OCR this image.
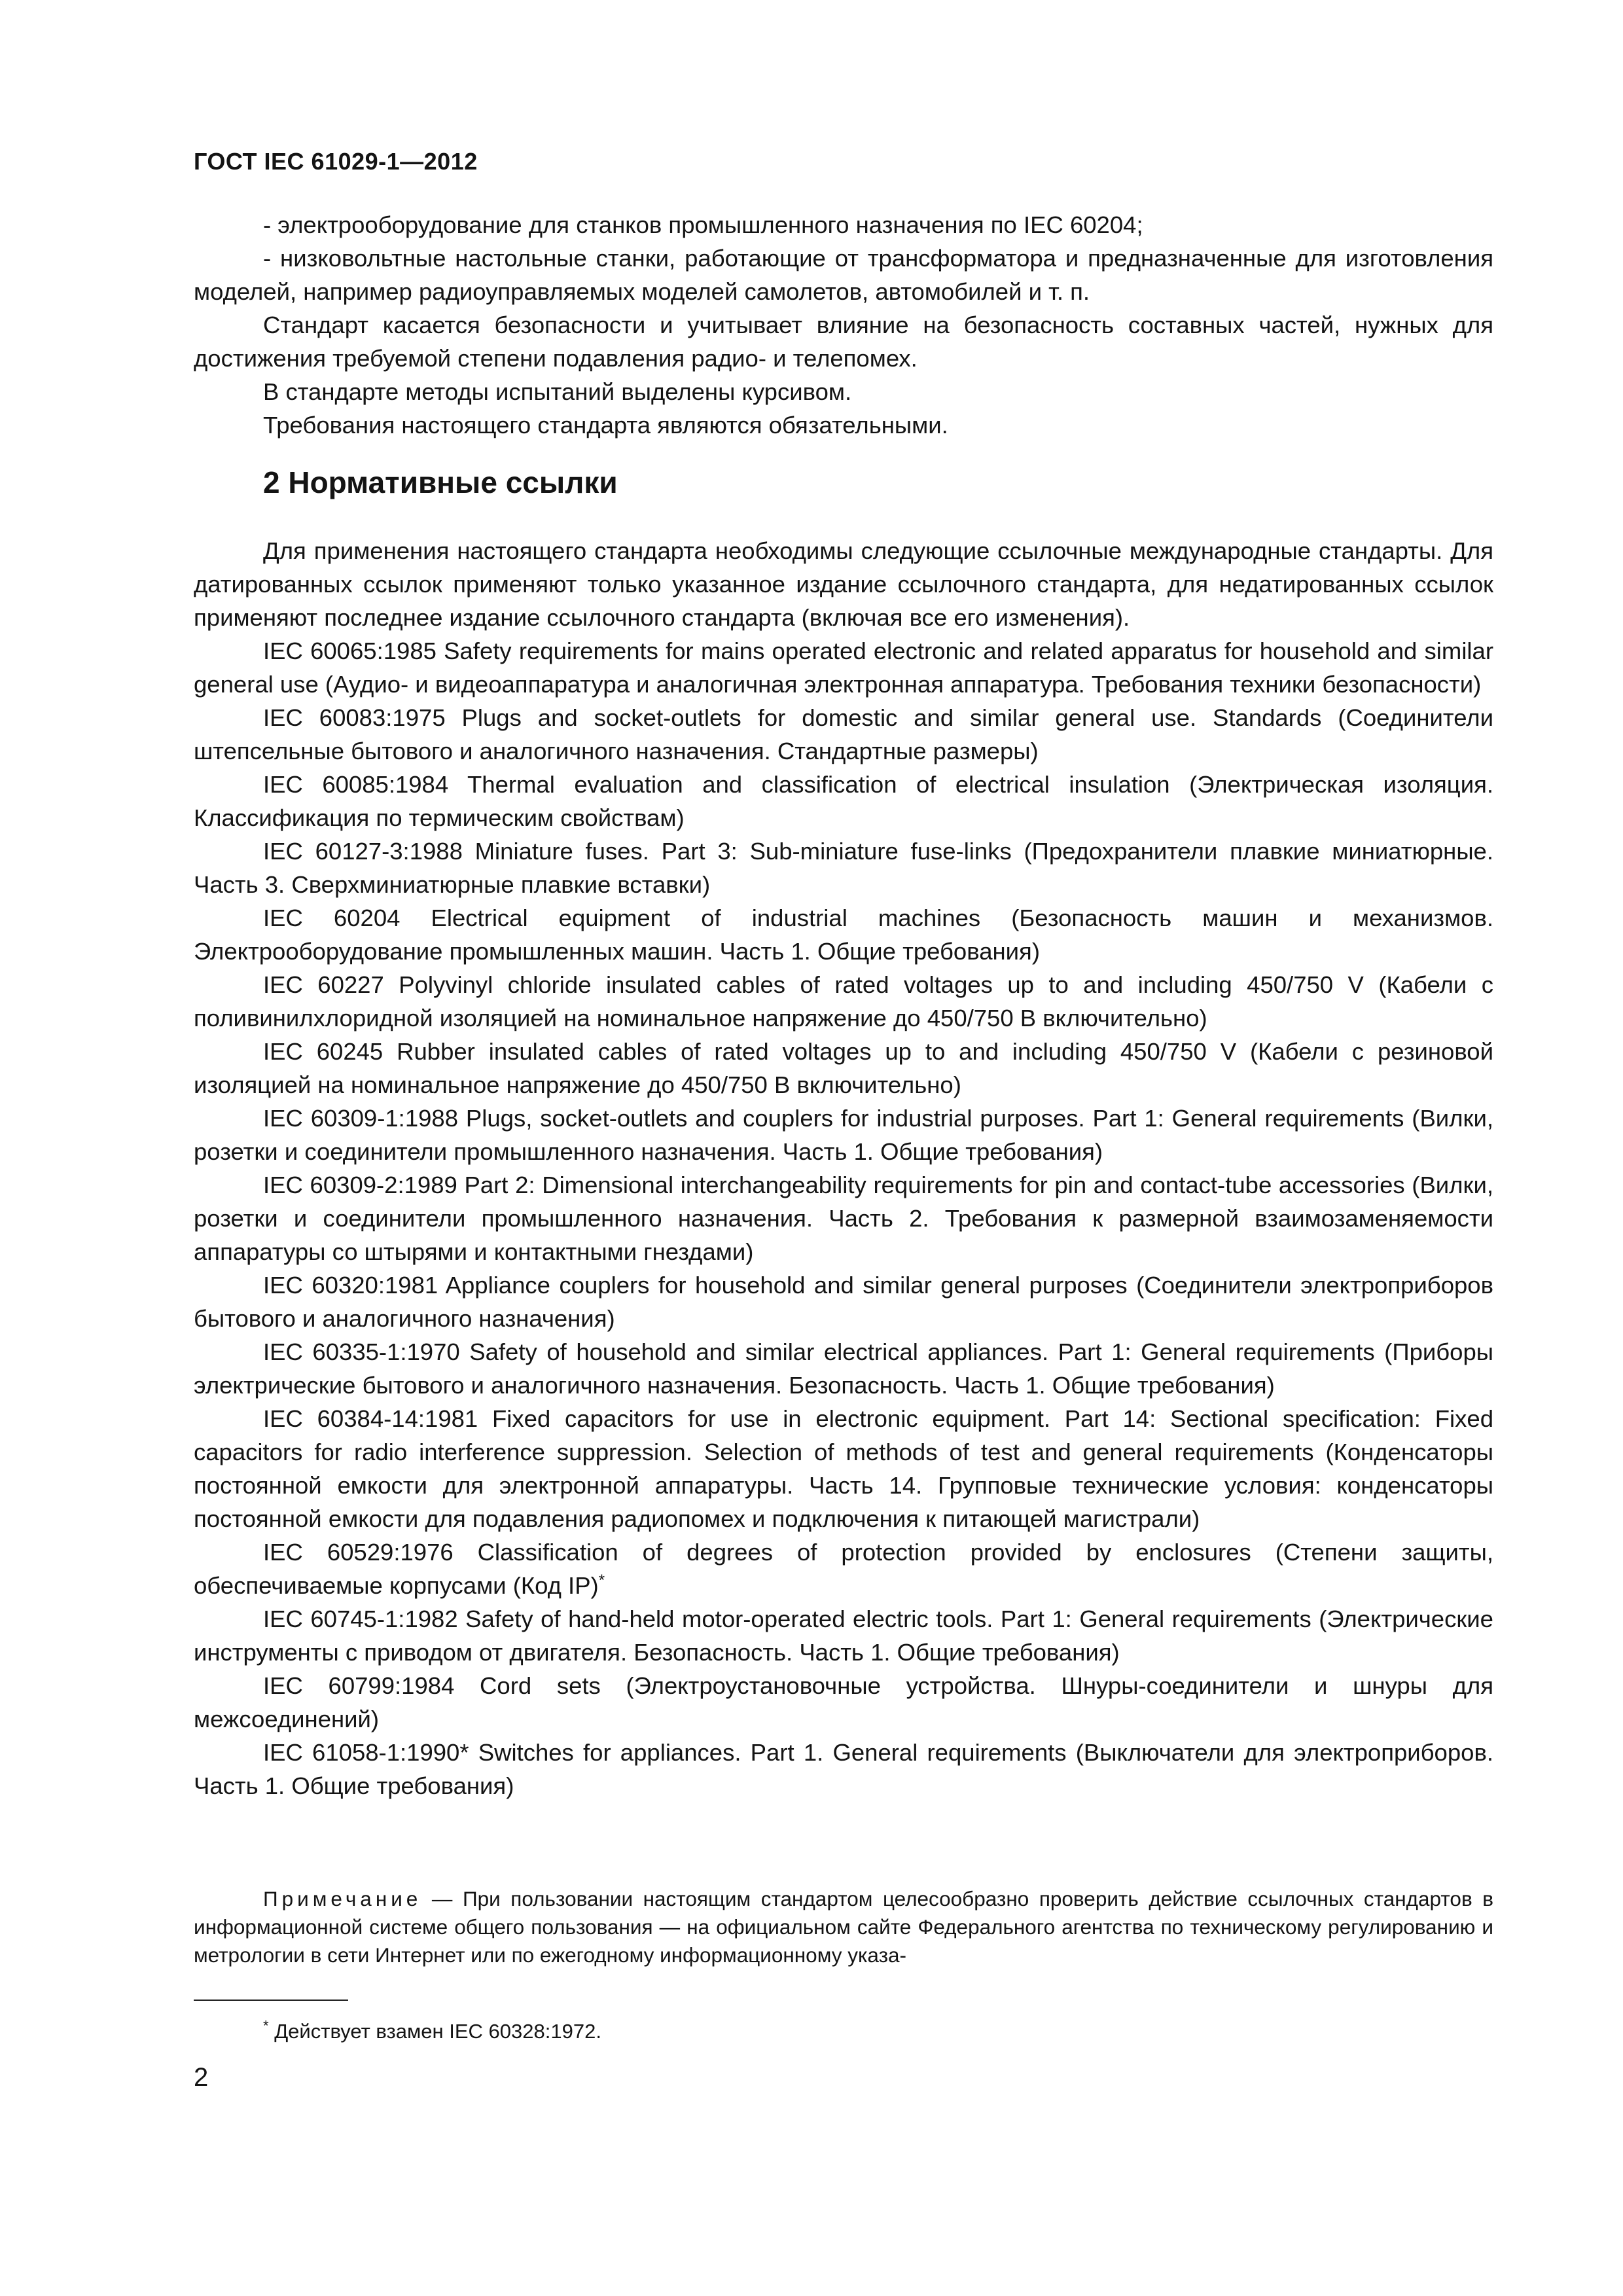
ГОСТ IEC 61029-1—2012

- электрооборудование для станков промышленного назначения по IEC 60204;

- низковольтные настольные станки, работающие от трансформатора и предназначенные для изготовления моделей, например радиоуправляемых моделей самолетов, автомобилей и т. п.

Стандарт касается безопасности и учитывает влияние на безопасность составных частей, нужных для достижения требуемой степени подавления радио- и телепомех.

В стандарте методы испытаний выделены курсивом.

Требования настоящего стандарта являются обязательными.

2 Нормативные ссылки

Для применения настоящего стандарта необходимы следующие ссылочные международные стандарты. Для датированных ссылок применяют только указанное издание ссылочного стандарта, для недатированных ссылок применяют последнее издание ссылочного стандарта (включая все его изменения).

IEC 60065:1985 Safety requirements for mains operated electronic and related apparatus for household and similar general use (Аудио- и видеоаппаратура и аналогичная электронная аппаратура. Требования техники безопасности)

IEC 60083:1975 Plugs and socket-outlets for domestic and similar general use. Standards (Соединители штепсельные бытового и аналогичного назначения. Стандартные размеры)

IEC 60085:1984 Thermal evaluation and classification of electrical insulation (Электрическая изоляция. Классификация по термическим свойствам)

IEC 60127-3:1988 Miniature fuses. Part 3: Sub-miniature fuse-links (Предохранители плавкие миниатюрные. Часть 3. Сверхминиатюрные плавкие вставки)

IEC 60204 Electrical equipment of industrial machines (Безопасность машин и механизмов. Электрооборудование промышленных машин. Часть 1. Общие требования)

IEC 60227 Polyvinyl chloride insulated cables of rated voltages up to and including 450/750 V (Кабели с поливинилхлоридной изоляцией на номинальное напряжение до 450/750 В включительно)

IEC 60245 Rubber insulated cables of rated voltages up to and including 450/750 V (Кабели с резиновой изоляцией на номинальное напряжение до 450/750 В включительно)

IEC 60309-1:1988 Plugs, socket-outlets and couplers for industrial purposes. Part 1: General requirements (Вилки, розетки и соединители промышленного назначения. Часть 1. Общие требования)

IEC 60309-2:1989 Part 2: Dimensional interchangeability requirements for pin and contact-tube accessories (Вилки, розетки и соединители промышленного назначения. Часть 2. Требования к размерной взаимозаменяемости аппаратуры со штырями и контактными гнездами)

IEC 60320:1981 Appliance couplers for household and similar general purposes (Соединители электроприборов бытового и аналогичного назначения)

IEC 60335-1:1970 Safety of household and similar electrical appliances. Part 1: General requirements (Приборы электрические бытового и аналогичного назначения. Безопасность. Часть 1. Общие требования)

IEC 60384-14:1981 Fixed capacitors for use in electronic equipment. Part 14: Sectional specification: Fixed capacitors for radio interference suppression. Selection of methods of test and general requirements (Конденсаторы постоянной емкости для электронной аппаратуры. Часть 14. Групповые технические условия: конденсаторы постоянной емкости для подавления радиопомех и подключения к питающей магистрали)

IEC 60529:1976 Classification of degrees of protection provided by enclosures (Степени защиты, обеспечиваемые корпусами (Код IP)*

IEC 60745-1:1982 Safety of hand-held motor-operated electric tools. Part 1: General requirements (Электрические инструменты с приводом от двигателя. Безопасность. Часть 1. Общие требования)

IEC 60799:1984 Cord sets (Электроустановочные устройства. Шнуры-соединители и шнуры для межсоединений)

IEC 61058-1:1990* Switches for appliances. Part 1. General requirements (Выключатели для электроприборов. Часть 1. Общие требования)

Примечание — При пользовании настоящим стандартом целесообразно проверить действие ссылочных стандартов в информационной системе общего пользования — на официальном сайте Федерального агентства по техническому регулированию и метрологии в сети Интернет или по ежегодному информационному указа-

* Действует взамен IEC 60328:1972.
2
